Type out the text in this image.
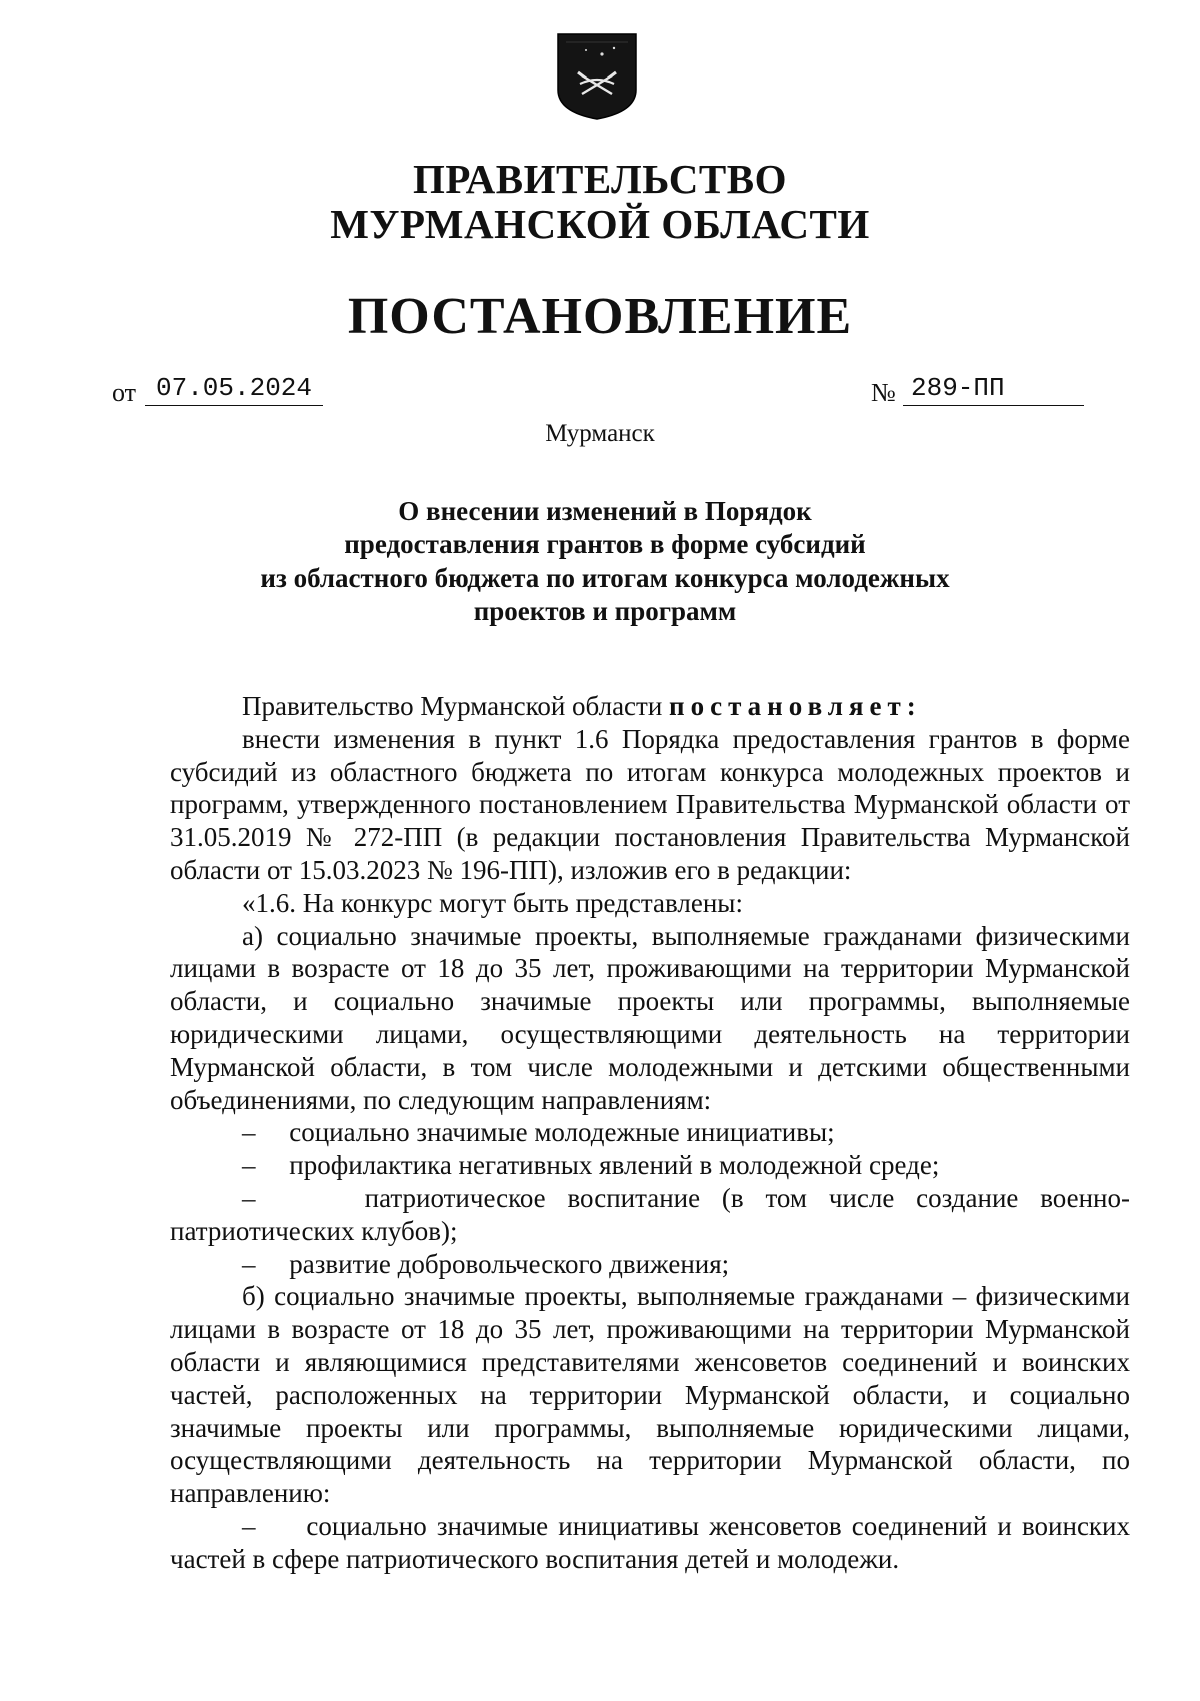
ПРАВИТЕЛЬСТВО
МУРМАНСКОЙ ОБЛАСТИ
ПОСТАНОВЛЕНИЕ
от 07.05.2024	№ 289-ПП
Мурманск
О внесении изменений в Порядок
предоставления грантов в форме субсидий
из областного бюджета по итогам конкурса молодежных
проектов и программ

Правительство Мурманской области постановляет:

внести изменения в пункт 1.6 Порядка предоставления грантов в форме субсидий из областного бюджета по итогам конкурса молодежных проектов и программ, утвержденного постановлением Правительства Мурманской области от 31.05.2019 № 272-ПП (в редакции постановления Правительства Мурманской области от 15.03.2023 № 196-ПП), изложив его в редакции:

«1.6. На конкурс могут быть представлены:

а) социально значимые проекты, выполняемые гражданами физическими лицами в возрасте от 18 до 35 лет, проживающими на территории Мурманской области, и социально значимые проекты или программы, выполняемые юридическими лицами, осуществляющими деятельность на территории Мурманской области, в том числе молодежными и детскими общественными объединениями, по следующим направлениям:

– социально значимые молодежные инициативы;

– профилактика негативных явлений в молодежной среде;

–	патриотическое воспитание (в том числе создание военно-патриотических клубов);

– развитие добровольческого движения;

б) социально значимые проекты, выполняемые гражданами – физическими лицами в возрасте от 18 до 35 лет, проживающими на территории Мурманской области и являющимися представителями женсоветов соединений и воинских частей, расположенных на территории Мурманской области, и социально значимые проекты или программы, выполняемые юридическими лицами, осуществляющими деятельность на территории Мурманской области, по направлению:

– социально значимые инициативы женсоветов соединений и воинских частей в сфере патриотического воспитания детей и молодежи.
